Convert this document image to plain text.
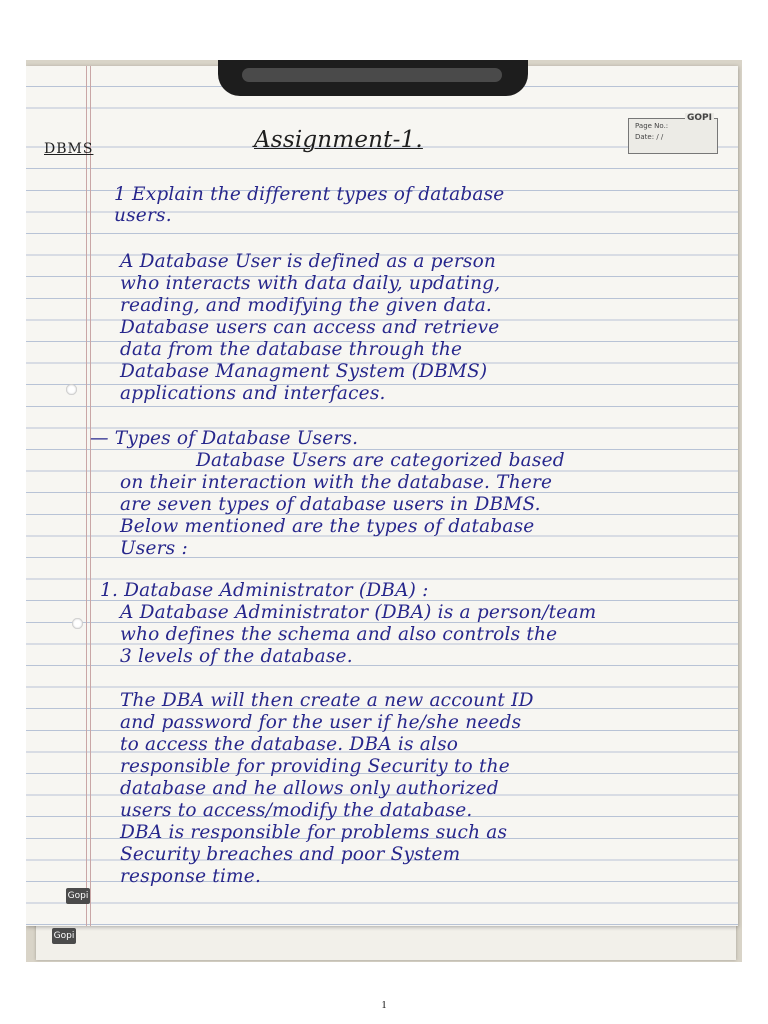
GOPI
Page No.:
Date: / /
DBMS	Assignment-1.
1 Explain the different types of database
users.
A Database User is defined as a person
who interacts with data daily, updating,
reading, and modifying the given data.
Database users can access and retrieve
data from the database through the
Database Managment System (DBMS)
applications and interfaces.
— Types of Database Users.
Database Users are categorized based
on their interaction with the database. There
are seven types of database users in DBMS.
Below mentioned are the types of database
Users :
1. Database Administrator (DBA) :
A Database Administrator (DBA) is a person/team
who defines the schema and also controls the
3 levels of the database.
The DBA will then create a new account ID
and password for the user if he/she needs
to access the database. DBA is also
responsible for providing Security to the
database and he allows only authorized
users to access/modify the database.
DBA is responsible for problems such as
Security breaches and poor System
response time.
Gopi
Gopi
1
